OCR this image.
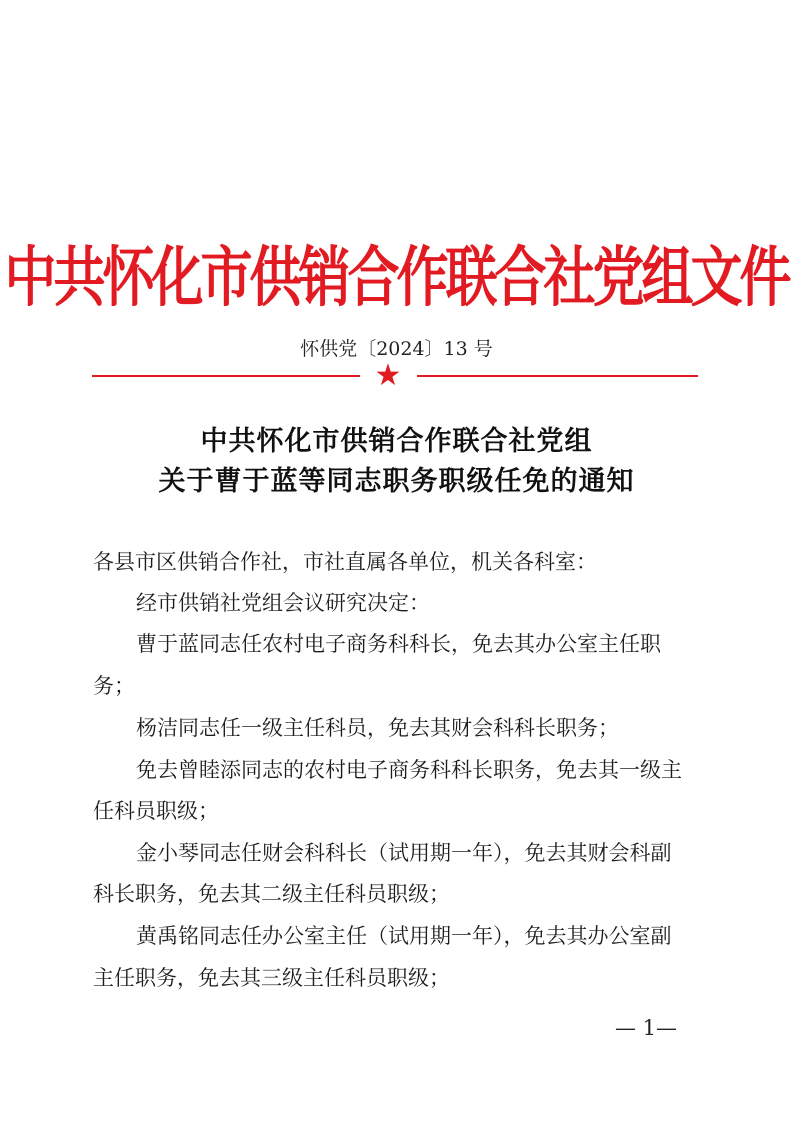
中共怀化市供销合作联合社党组文件
怀供党〔2024〕13 号
★
中共怀化市供销合作联合社党组
关于曹于蓝等同志职务职级任免的通知
各县市区供销合作社，市社直属各单位，机关各科室：
经市供销社党组会议研究决定：
曹于蓝同志任农村电子商务科科长，免去其办公室主任职
务；
杨洁同志任一级主任科员，免去其财会科科长职务；
免去曾睦添同志的农村电子商务科科长职务，免去其一级主
任科员职级；
金小琴同志任财会科科长（试用期一年），免去其财会科副
科长职务，免去其二级主任科员职级；
黄禹铭同志任办公室主任（试用期一年），免去其办公室副
主任职务，免去其三级主任科员职级；
— 1—
